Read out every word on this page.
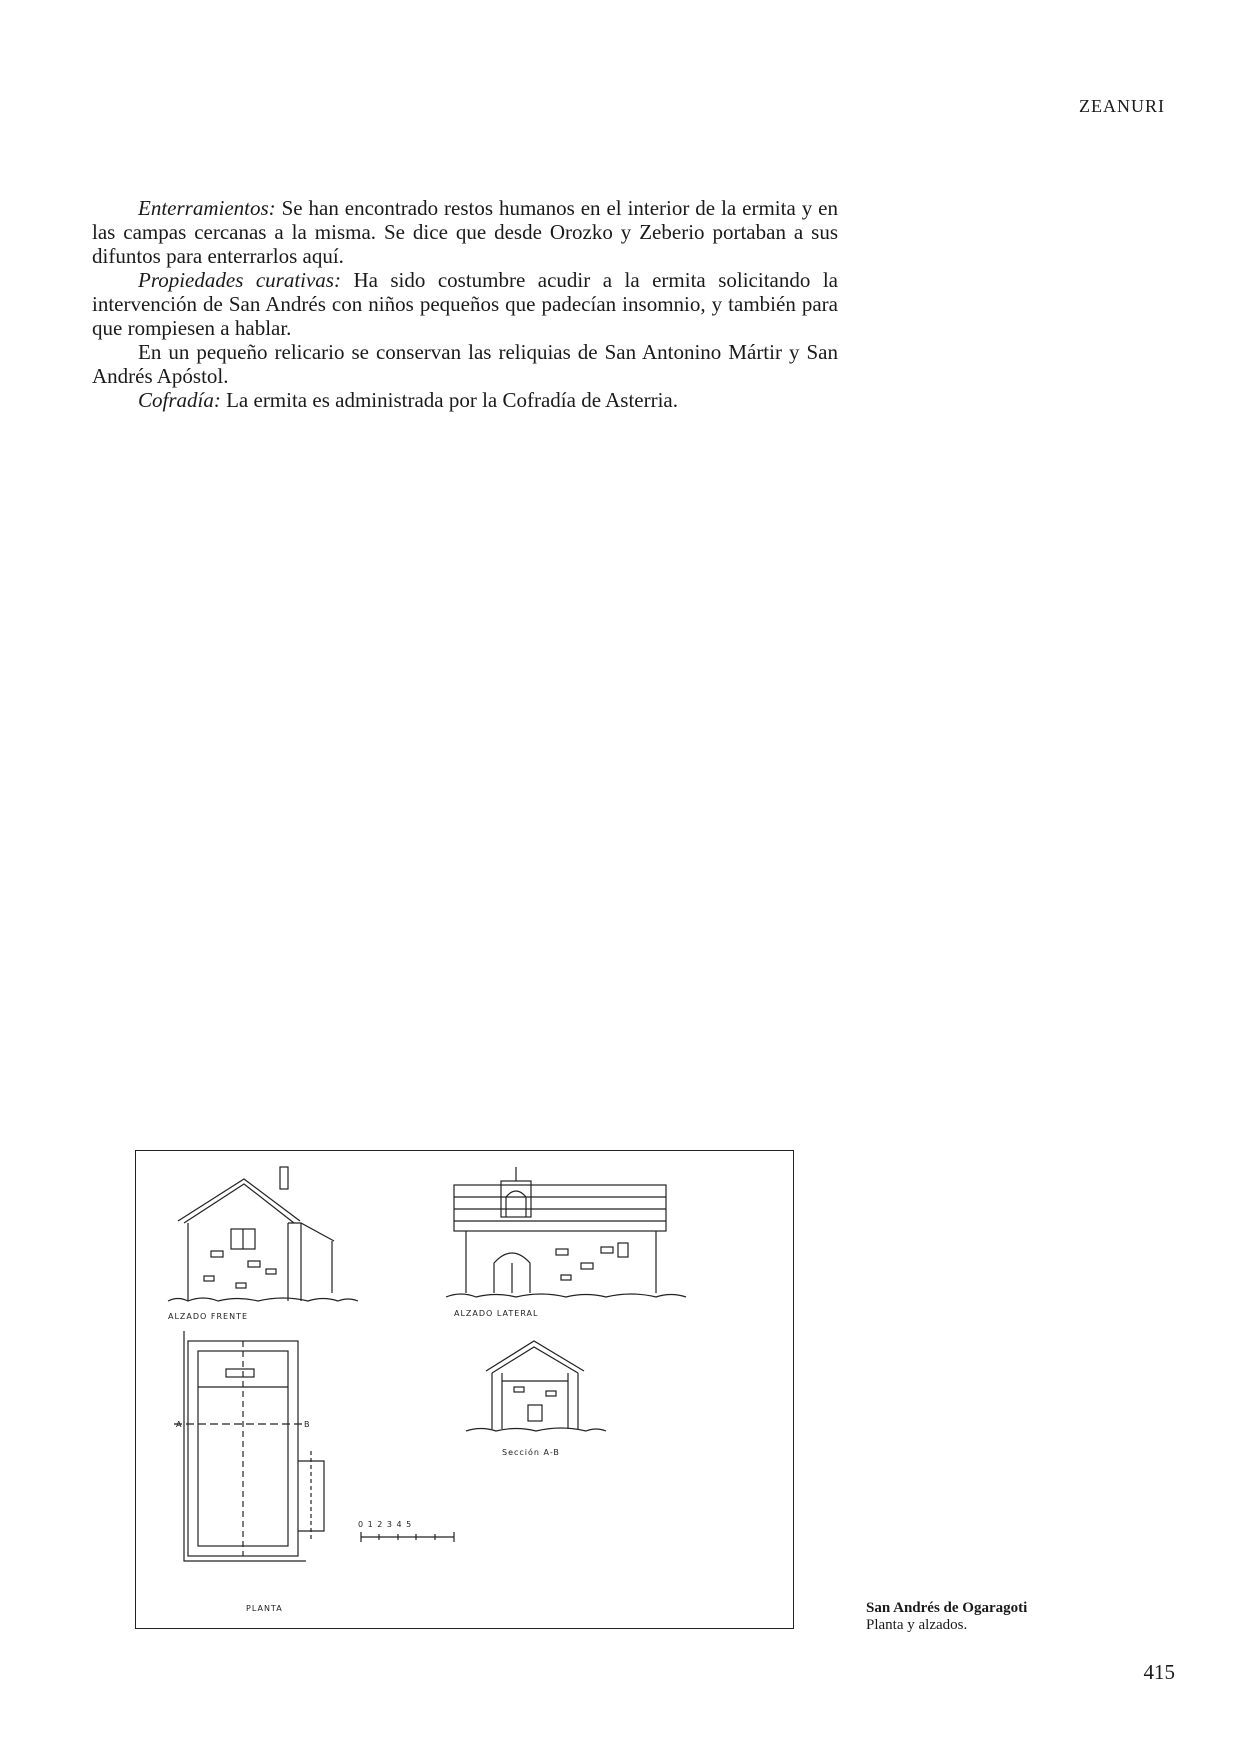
ZEANURI

Enterramientos: Se han encontrado restos humanos en el interior de la ermita y en las campas cercanas a la misma. Se dice que desde Orozko y Zeberio portaban a sus difuntos para enterrarlos aquí.

Propiedades curativas: Ha sido costumbre acudir a la ermita solicitando la intervención de San Andrés con niños pequeños que padecían insomnio, y también para que rompiesen a hablar.

En un pequeño relicario se conservan las reliquias de San Antonino Mártir y San Andrés Apóstol.

Cofradía: La ermita es administrada por la Cofradía de Asterria.

ALZADO FRENTE	ALZADO LATERAL
PLANTA
Sección A-B
A	B
0 1 2 3 4 5
San Andrés de Ogaragoti
Planta y alzados.
415
